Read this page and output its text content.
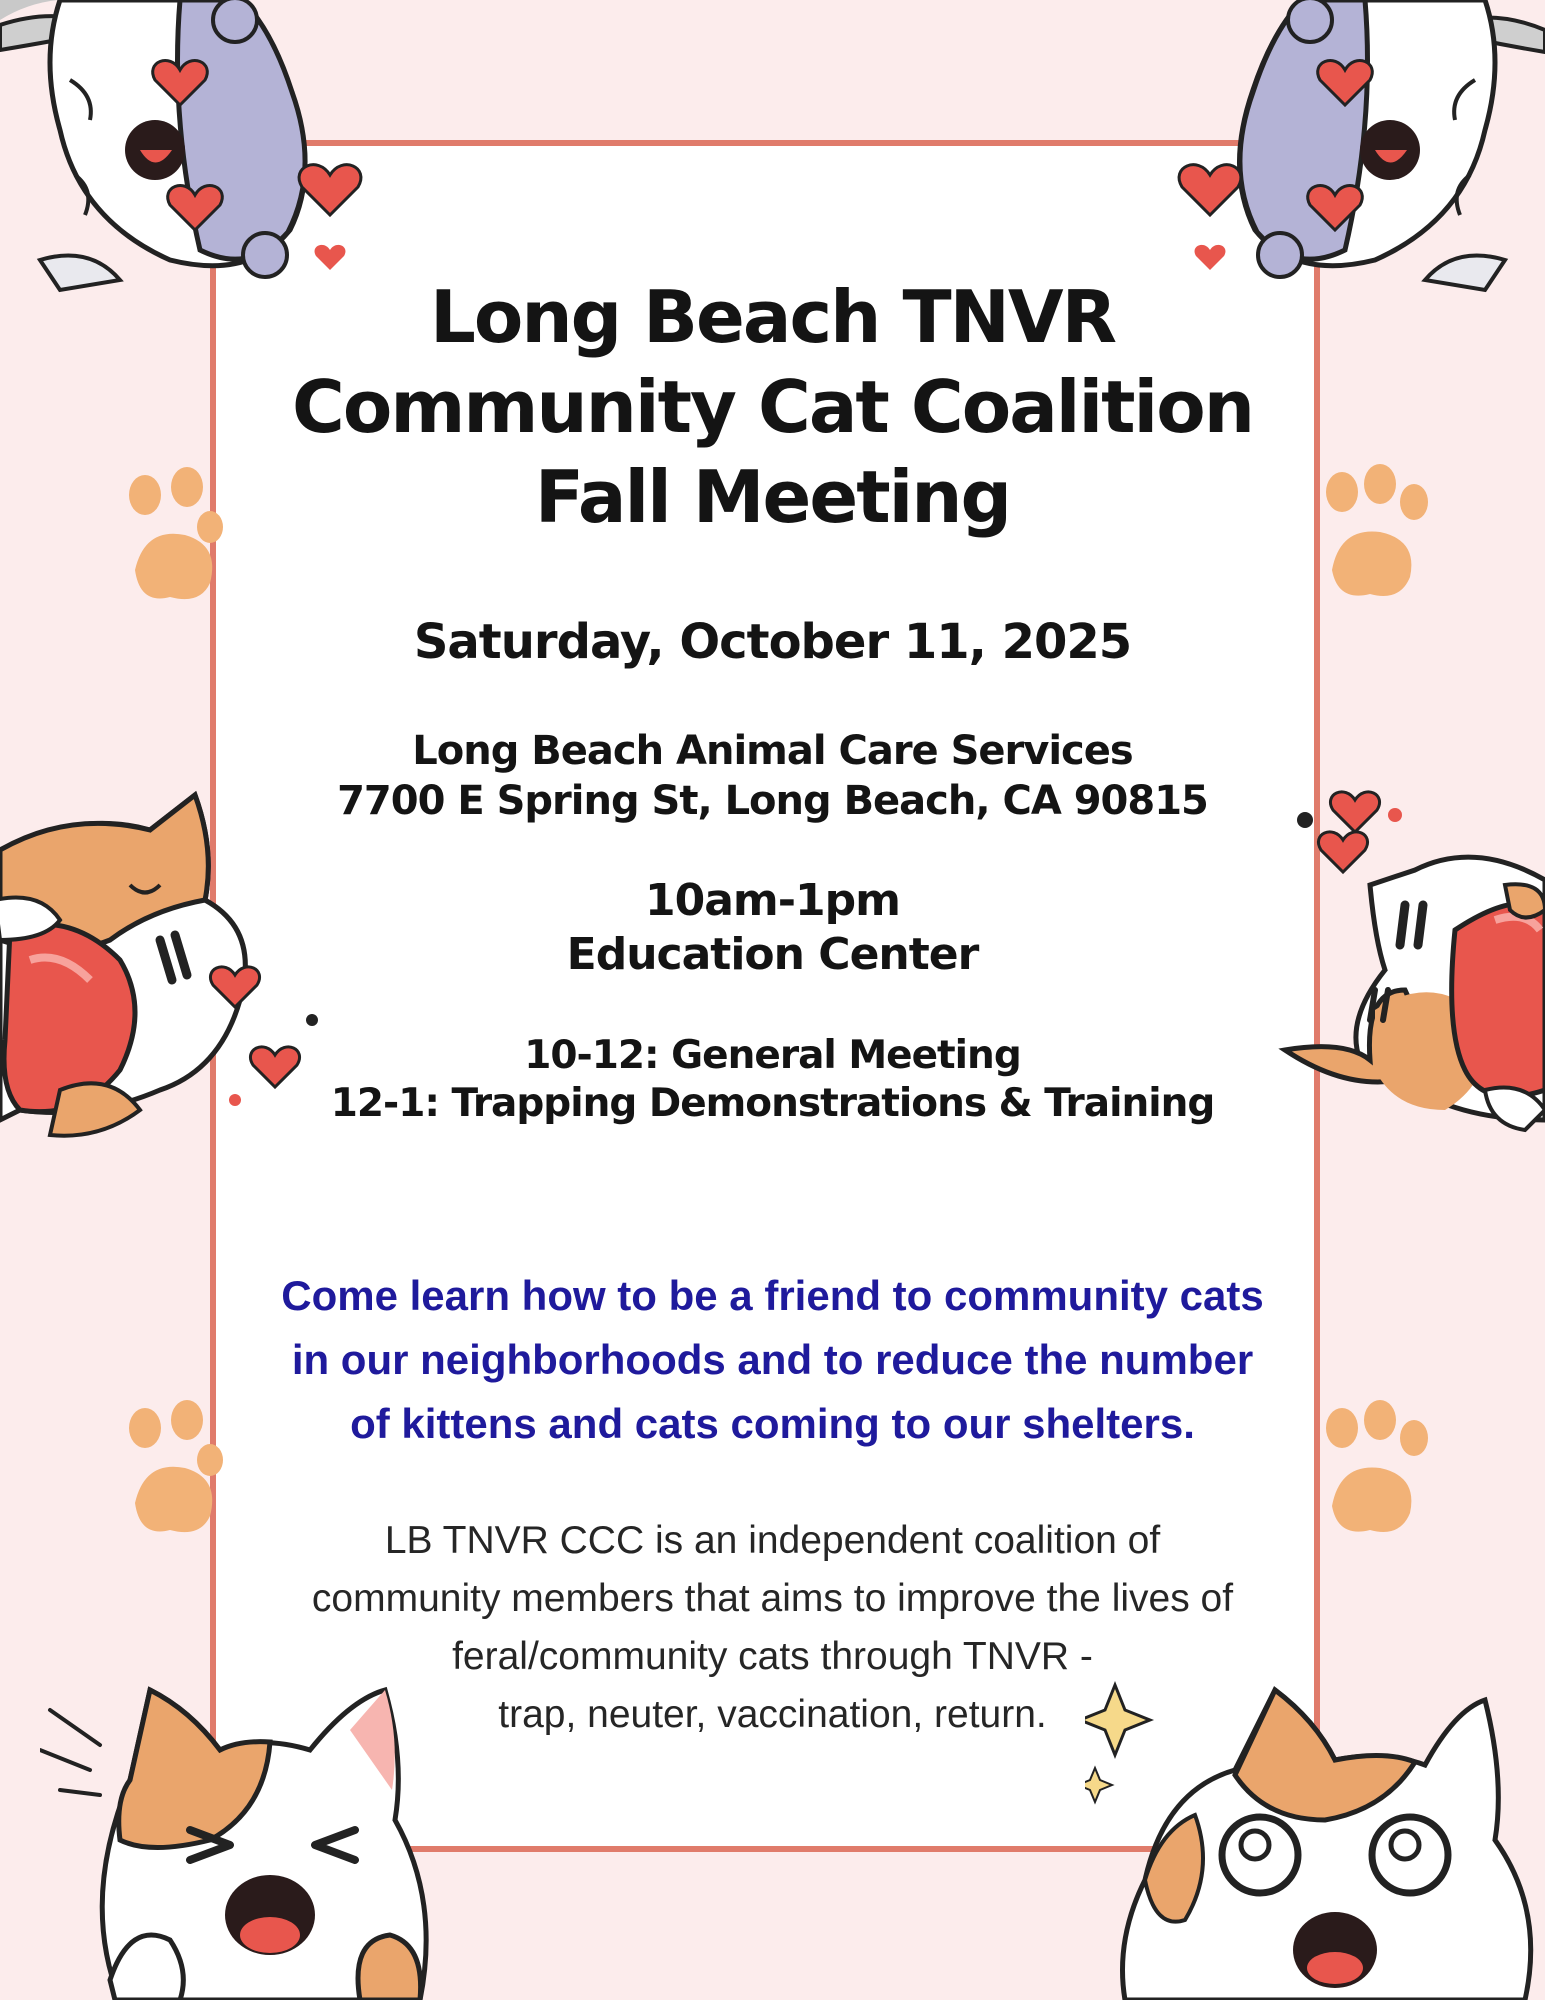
Long Beach TNVR
Community Cat Coalition
Fall Meeting
Saturday, October 11, 2025
Long Beach Animal Care Services
7700 E Spring St, Long Beach, CA 90815
10am-1pm
Education Center
10-12: General Meeting
12-1: Trapping Demonstrations & Training
Come learn how to be a friend to community cats
in our neighborhoods and to reduce the number
of kittens and cats coming to our shelters.
LB TNVR CCC is an independent coalition of
community members that aims to improve the lives of
feral/community cats through TNVR -
trap, neuter, vaccination, return.
